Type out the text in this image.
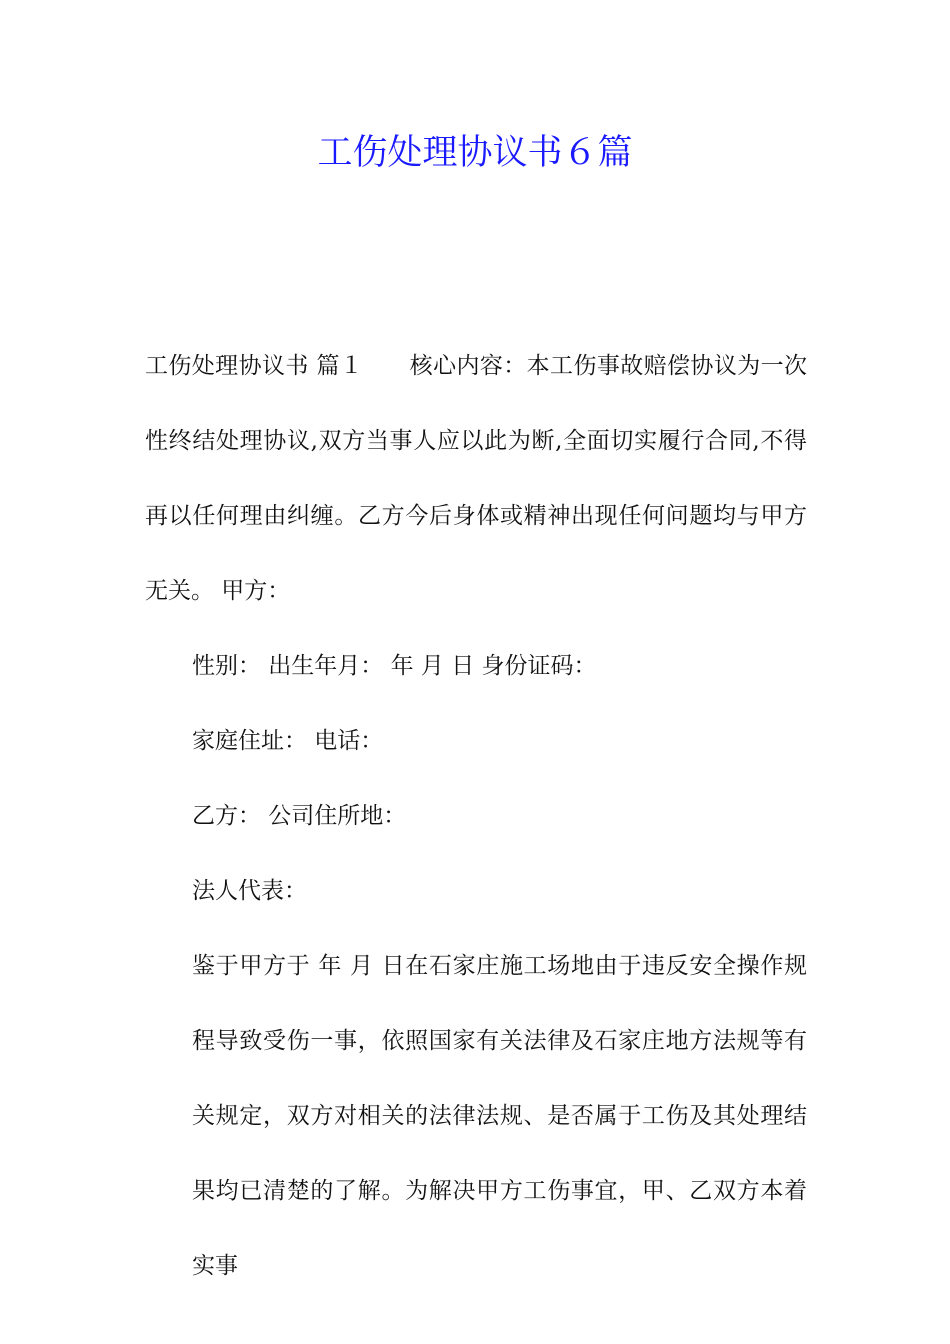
工伤处理协议书６篇

工伤处理协议书 篇１ 核心内容：本工伤事故赔偿协议为一次性终结处理协议,双方当事人应以此为断,全面切实履行合同,不得再以任何理由纠缠。乙方今后身体或精神出现任何问题均与甲方无关。 甲方：

性别： 出生年月： 年 月 日 身份证码：

家庭住址： 电话：

乙方： 公司住所地：

法人代表：

鉴于甲方于 年 月 日在石家庄施工场地由于违反安全操作规程导致受伤一事，依照国家有关法律及石家庄地方法规等有关规定，双方对相关的法律法规、是否属于工伤及其处理结果均已清楚的了解。为解决甲方工伤事宜，甲、乙双方本着实事
